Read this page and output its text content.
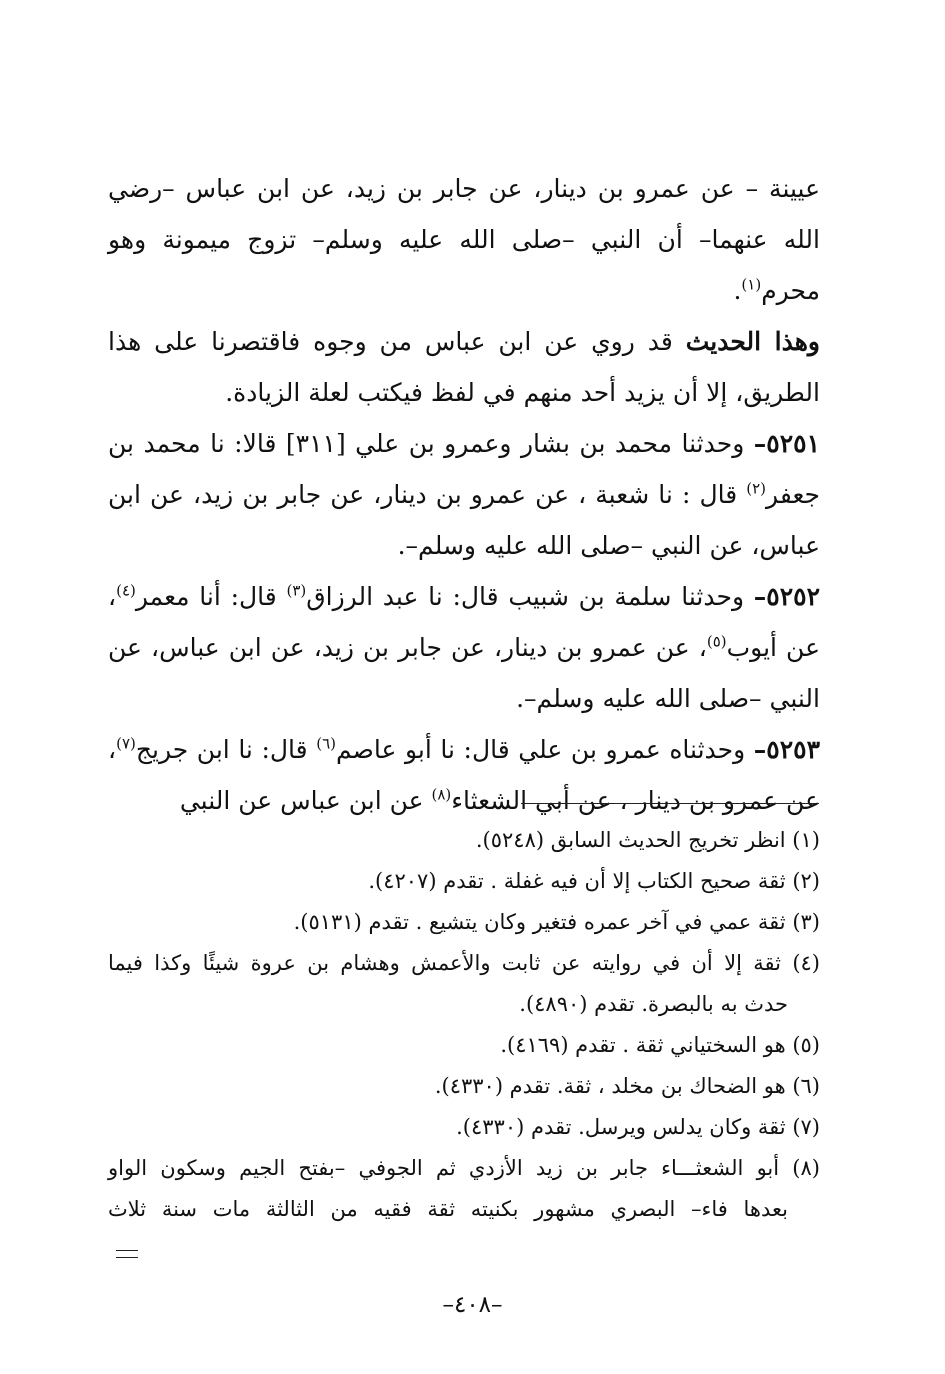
عيينة – عن عمرو بن دينار، عن جابر بن زيد، عن ابن عباس –رضي الله عنهما– أن النبي –صلى الله عليه وسلم– تزوج ميمونة وهو محرم$^{(١)}$.

وهذا الحديث قد روي عن ابن عباس من وجوه فاقتصرنا على هذا الطريق، إلا أن يزيد أحد منهم في لفظ فيكتب لعلة الزيادة.

٥٢٥١– وحدثنا محمد بن بشار وعمرو بن علي [٣١١] قالا: نا محمد بن جعفر$^{(٢)}$ قال : نا شعبة ، عن عمرو بن دينار، عن جابر بن زيد، عن ابن عباس، عن النبي –صلى الله عليه وسلم–.

٥٢٥٢– وحدثنا سلمة بن شبيب قال: نا عبد الرزاق$^{(٣)}$ قال: أنا معمر$^{(٤)}$، عن أيوب$^{(٥)}$، عن عمرو بن دينار، عن جابر بن زيد، عن ابن عباس، عن النبي –صلى الله عليه وسلم–.

٥٢٥٣– وحدثناه عمرو بن علي قال: نا أبو عاصم$^{(٦)}$ قال: نا ابن جريج$^{(٧)}$، عن عمرو بن دينار ، عن أبي الشعثاء$^{(٨)}$ عن ابن عباس عن النبي

(١) انظر تخريج الحديث السابق (٥٢٤٨).

(٢) ثقة صحيح الكتاب إلا أن فيه غفلة . تقدم (٤٢٠٧).

(٣) ثقة عمي في آخر عمره فتغير وكان يتشيع . تقدم (٥١٣١).

(٤) ثقة إلا أن في روايته عن ثابت والأعمش وهشام بن عروة شيئًا وكذا فيما

حدث به بالبصرة. تقدم (٤٨٩٠).

(٥) هو السختياني ثقة . تقدم (٤١٦٩).

(٦) هو الضحاك بن مخلد ، ثقة. تقدم (٤٣٣٠).

(٧) ثقة وكان يدلس ويرسل. تقدم (٤٣٣٠).

(٨) أبو الشعثـــاء جابر بن زيد الأزدي ثم الجوفي –بفتح الجيم وسكون الواو

بعدها فاء– البصري مشهور بكنيته ثقة فقيه من الثالثة مات سنة ثلاث

–٤٠٨–
